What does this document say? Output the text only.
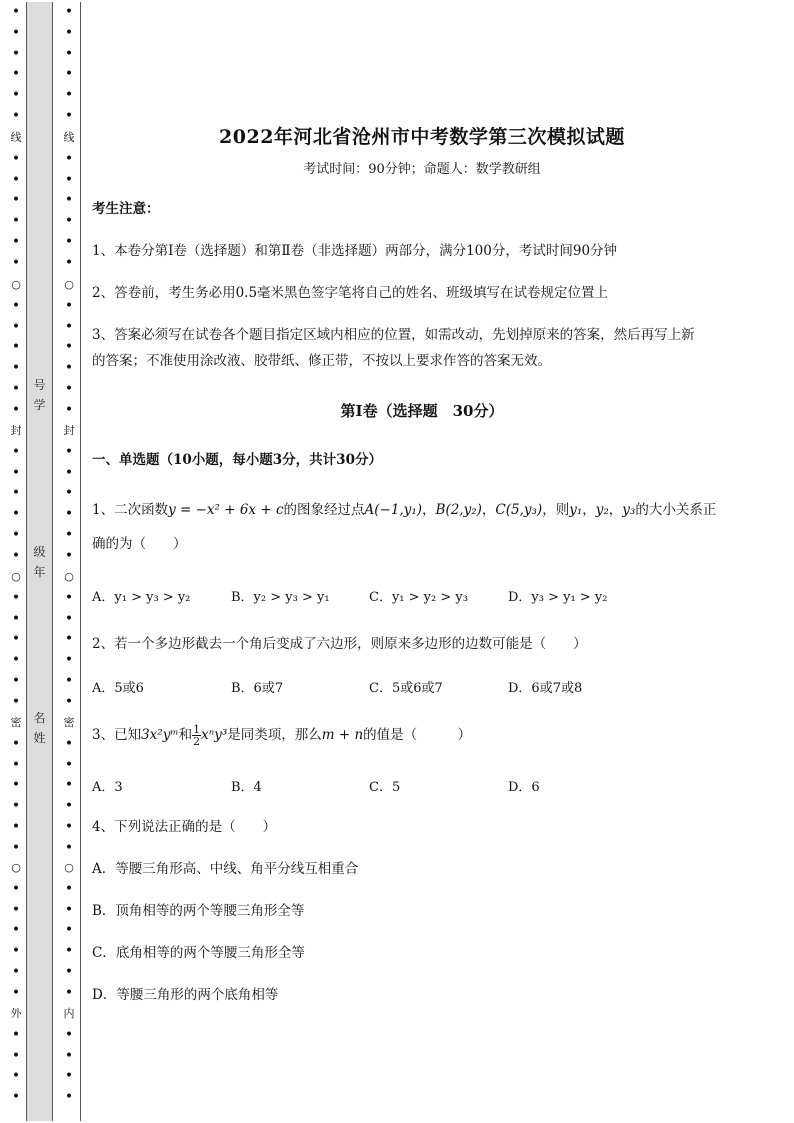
•
•
•
•
•
•
线
•
•
•
•
•
•
○
•
•
•
•
•
•
封
•
•
•
•
•
•
○
•
•
•
•
•
•
密
•
•
•
•
•
•
○
•
•
•
•
•
•
外
•
•
•
•
•
•
•
•
•
•
线
•
•
•
•
•
•
○
•
•
•
•
•
•
封
•
•
•
•
•
•
○
•
•
•
•
•
•
密
•
•
•
•
•
•
○
•
•
•
•
•
•
内
•
•
•
•
号
学
级
年
名
姓
2022年河北省沧州市中考数学第三次模拟试题
考试时间：90分钟；命题人：数学教研组
考生注意：
1、本卷分第I卷（选择题）和第Ⅱ卷（非选择题）两部分，满分100分，考试时间90分钟
2、答卷前，考生务必用0.5毫米黑色签字笔将自己的姓名、班级填写在试卷规定位置上
3、答案必须写在试卷各个题目指定区域内相应的位置，如需改动，先划掉原来的答案，然后再写上新
的答案；不准使用涂改液、胶带纸、修正带，不按以上要求作答的答案无效。
第I卷（选择题　30分）
一、单选题（10小题，每小题3分，共计30分）
1、二次函数y = −x² + 6x + c的图象经过点A(−1,y₁)，B(2,y₂)，C(5,y₃)，则y₁，y₂，y₃的大小关系正
确的为（　　）
A．y₁ > y₃ > y₂	B．y₂ > y₃ > y₁	C．y₁ > y₂ > y₃	D．y₃ > y₁ > y₂
2、若一个多边形截去一个角后变成了六边形，则原来多边形的边数可能是（　　）
A．5或6	B．6或7	C．5或6或7	D．6或7或8
3、已知3x²yᵐ和 $\frac{1}{2} x^ny^3$是同类项，那么m + n的值是（　　　）
A．3	B．4	C．5	D．6
4、下列说法正确的是（　　）
A．等腰三角形高、中线、角平分线互相重合
B．顶角相等的两个等腰三角形全等
C．底角相等的两个等腰三角形全等
D．等腰三角形的两个底角相等
